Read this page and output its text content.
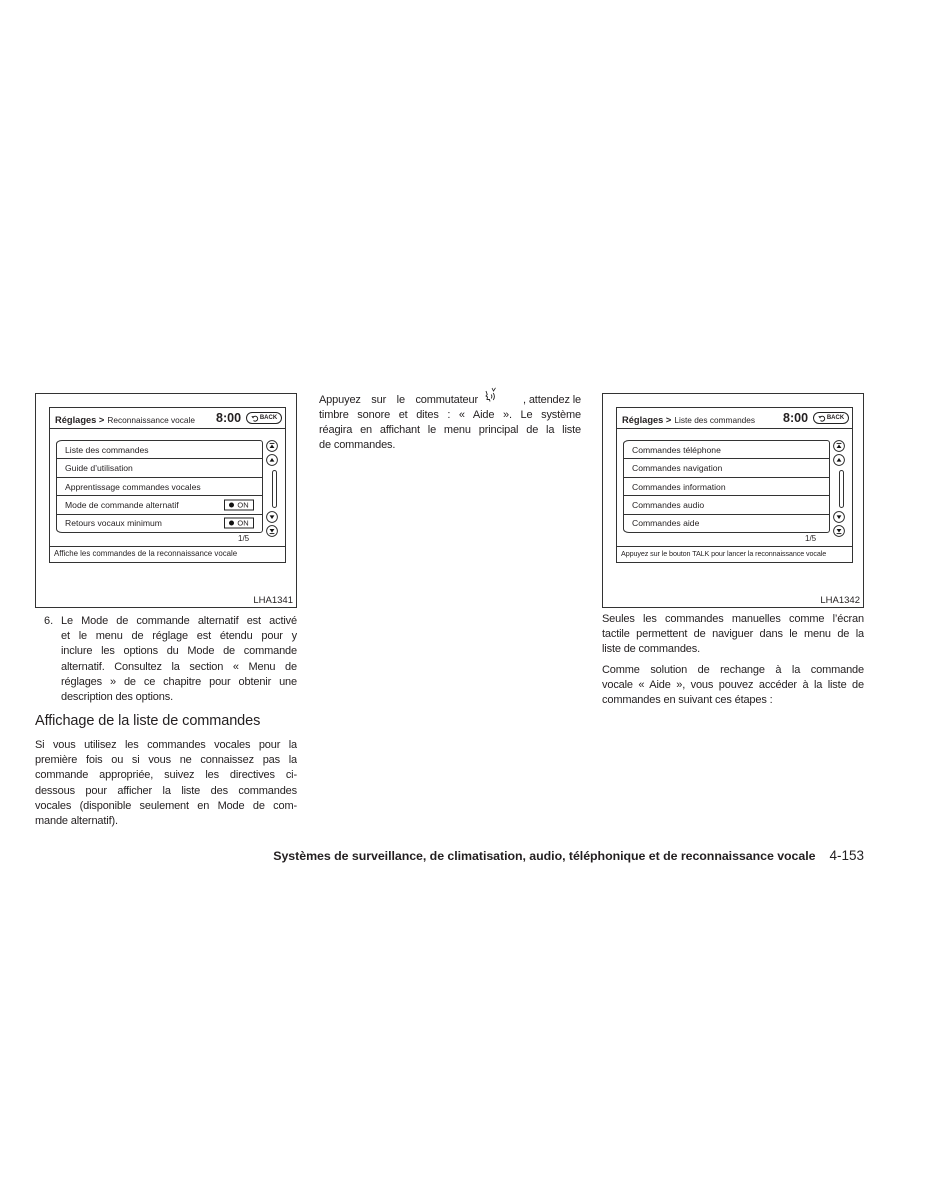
Réglages > Reconnaissance vocale 8:00	BACK
Liste des commandes
Guide d’utilisation
Apprentissage commandes vocales
Mode de commande alternatif	ON
Retours vocaux minimum	ON
1/5
Affiche les commandes de la reconnaissance vocale
LHA1341
Réglages > Liste des commandes 8:00	BACK
Commandes téléphone
Commandes navigation
Commandes information
Commandes audio
Commandes aide
1/5
Appuyez sur le bouton TALK pour lancer la reconnaissance vocale
LHA1342
6. Le Mode de commande alternatif est activé
et le menu de réglage est étendu pour y
inclure les options du Mode de commande
alternatif. Consultez la section « Menu de
réglages » de ce chapitre pour obtenir une
description des options.
Affichage de la liste de commandes
Si vous utilisez les commandes vocales pour la
première fois ou si vous ne connaissez pas la
commande appropriée, suivez les directives ci-
dessous pour afficher la liste des commandes
vocales (disponible seulement en Mode de com-
mande alternatif).
Appuyez sur le commutateur	, attendez le
timbre sonore et dites : « Aide ». Le système
réagira en affichant le menu principal de la liste
de commandes.
Seules les commandes manuelles comme l’écran
tactile permettent de naviguer dans le menu de la
liste de commandes.
Comme solution de rechange à la commande
vocale « Aide », vous pouvez accéder à la liste de
commandes en suivant ces étapes :
Systèmes de surveillance, de climatisation, audio, téléphonique et de reconnaissance vocale 4-153
